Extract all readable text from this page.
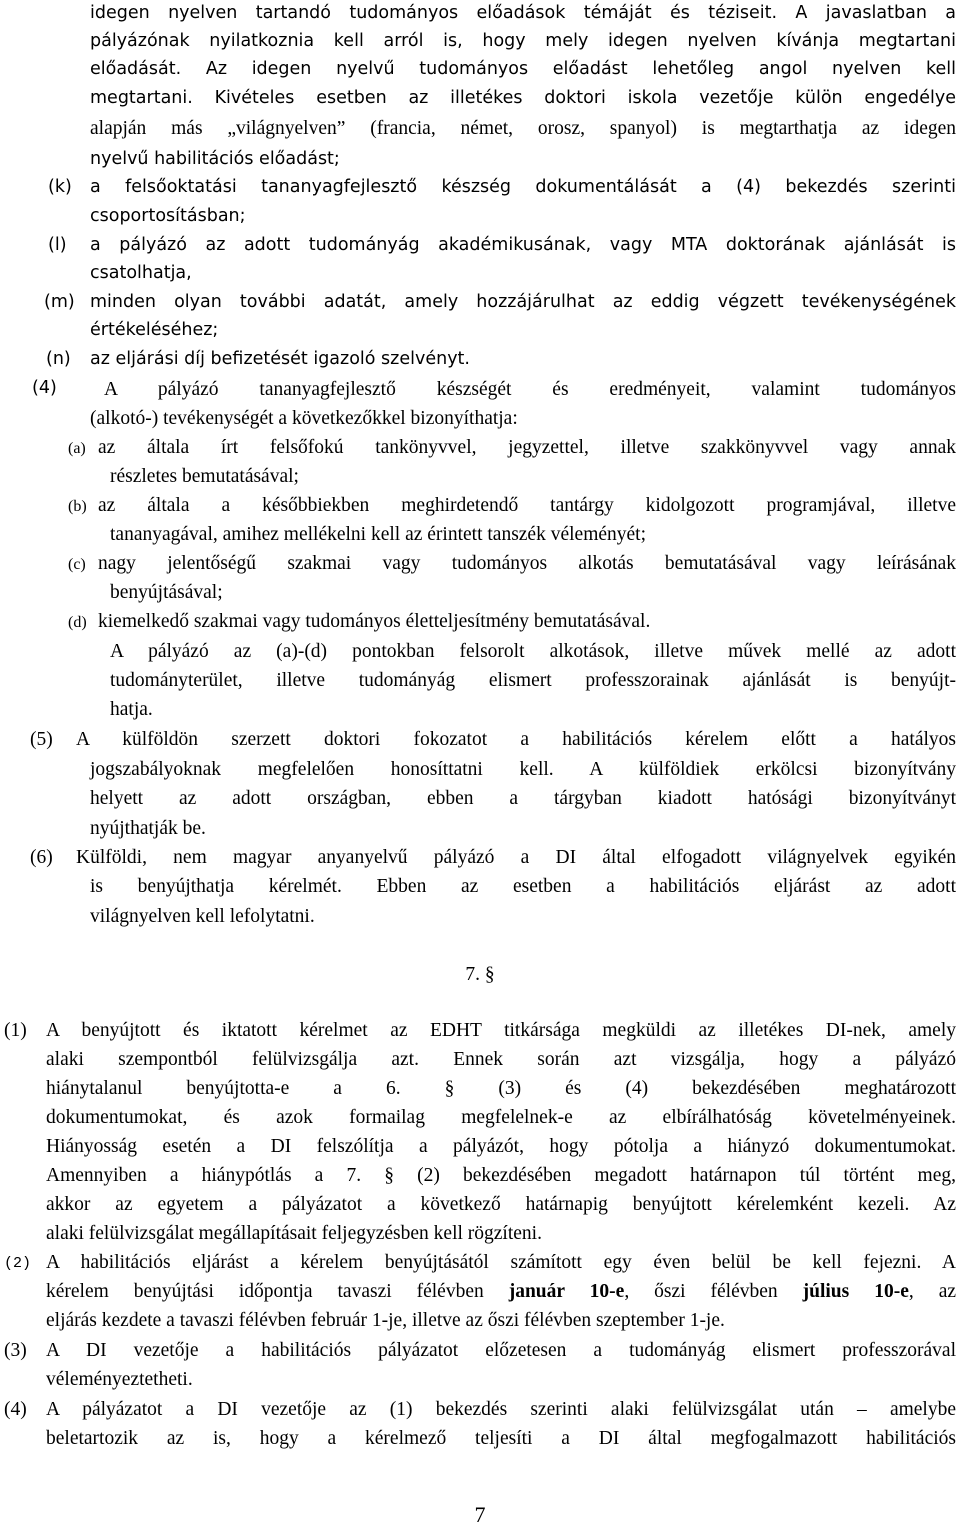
idegen nyelven tartandó tudományos előadások témáját és téziseit. A javaslatban a
pályázónak nyilatkoznia kell arról is, hogy mely idegen nyelven kívánja megtartani
előadását. Az idegen nyelvű tudományos előadást lehetőleg angol nyelven kell
megtartani. Kivételes esetben az illetékes doktori iskola vezetője külön engedélye
alapján más „világnyelven” (francia, német, orosz, spanyol) is megtarthatja az idegen
nyelvű habilitációs előadást;
(k) a felsőoktatási tananyagfejlesztő készség dokumentálását a (4) bekezdés szerinti
csoportosításban;
(l) a pályázó az adott tudományág akadémikusának, vagy MTA doktorának ajánlását is
csatolhatja,
(m) minden olyan további adatát, amely hozzájárulhat az eddig végzett tevékenységének
értékeléséhez;
(n) az eljárási díj befizetését igazoló szelvényt.
(4) A pályázó tananyagfejlesztő készségét és eredményeit, valamint tudományos
(alkotó-) tevékenységét a következőkkel bizonyíthatja:
(a) az általa írt felsőfokú tankönyvvel, jegyzettel, illetve szakkönyvvel vagy annak
részletes bemutatásával;
(b) az általa a későbbiekben meghirdetendő tantárgy kidolgozott programjával, illetve
tananyagával, amihez mellékelni kell az érintett tanszék véleményét;
(c) nagy jelentőségű szakmai vagy tudományos alkotás bemutatásával vagy leírásának
benyújtásával;
(d) kiemelkedő szakmai vagy tudományos életteljesítmény bemutatásával.
A pályázó az (a)-(d) pontokban felsorolt alkotások, illetve művek mellé az adott
tudományterület, illetve tudományág elismert professzorainak ajánlását is benyújt-
hatja.
(5) A külföldön szerzett doktori fokozatot a habilitációs kérelem előtt a hatályos
jogszabályoknak megfelelően honosíttatni kell. A külföldiek erkölcsi bizonyítvány
helyett az adott országban, ebben a tárgyban kiadott hatósági bizonyítványt
nyújthatják be.
(6) Külföldi, nem magyar anyanyelvű pályázó a DI által elfogadott világnyelvek egyikén
is benyújthatja kérelmét. Ebben az esetben a habilitációs eljárást az adott
világnyelven kell lefolytatni.
7. §
(1) A benyújtott és iktatott kérelmet az EDHT titkársága megküldi az illetékes DI-nek, amely
alaki szempontból felülvizsgálja azt. Ennek során azt vizsgálja, hogy a pályázó
hiánytalanul benyújtotta-e a 6. § (3) és (4) bekezdésében meghatározott
dokumentumokat, és azok formailag megfelelnek-e az elbírálhatóság követelményeinek.
Hiányosság esetén a DI felszólítja a pályázót, hogy pótolja a hiányzó dokumentumokat.
Amennyiben a hiánypótlás a 7. § (2) bekezdésében megadott határnapon túl történt meg,
akkor az egyetem a pályázatot a következő határnapig benyújtott kérelemként kezeli. Az
alaki felülvizsgálat megállapításait feljegyzésben kell rögzíteni.
(2) A habilitációs eljárást a kérelem benyújtásától számított egy éven belül be kell fejezni. A
kérelem benyújtási időpontja tavaszi félévben január 10-e, őszi félévben július 10-e, az
eljárás kezdete a tavaszi félévben február 1-je, illetve az őszi félévben szeptember 1-je.
(3) A DI vezetője a habilitációs pályázatot előzetesen a tudományág elismert professzorával
véleményeztetheti.
(4) A pályázatot a DI vezetője az (1) bekezdés szerinti alaki felülvizsgálat után – amelybe
beletartozik az is, hogy a kérelmező teljesíti a DI által megfogalmazott habilitációs
7
